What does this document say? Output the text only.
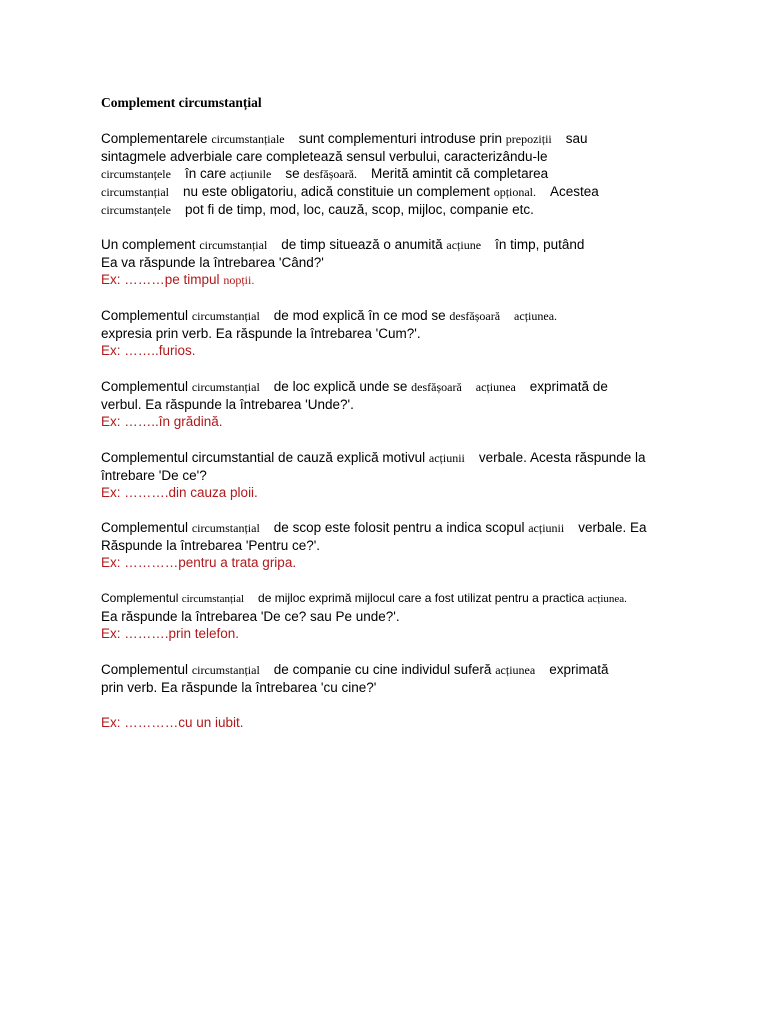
Complement circumstanțial
Complementarele circumstanțiale sunt complementuri introduse prin prepoziții sau
sintagmele adverbiale care completează sensul verbului, caracterizându-le
circumstanțele în care acțiunile se desfășoară. Merită amintit că completarea
circumstanțial nu este obligatoriu, adică constituie un complement opțional. Acestea
circumstanțele pot fi de timp, mod, loc, cauză, scop, mijloc, companie etc.
Un complement circumstanțial de timp situează o anumită acțiune în timp, putând
Ea va răspunde la întrebarea 'Când?'
Ex: ………pe timpul nopții.
Complementul circumstanțial de mod explică în ce mod se desfășoară acțiunea.
expresia prin verb. Ea răspunde la întrebarea 'Cum?'.
Ex: ……..furios.
Complementul circumstanțial de loc explică unde se desfășoară acțiunea exprimată de
verbul. Ea răspunde la întrebarea 'Unde?'.
Ex: ……..în grădină.
Complementul circumstantial de cauză explică motivul acțiunii verbale. Acesta răspunde la
întrebare 'De ce'?
Ex: ……….din cauza ploii.
Complementul circumstanțial de scop este folosit pentru a indica scopul acțiunii verbale. Ea
Răspunde la întrebarea 'Pentru ce?'.
Ex: …………pentru a trata gripa.
Complementul circumstanțial de mijloc exprimă mijlocul care a fost utilizat pentru a practica acțiunea.
Ea răspunde la întrebarea 'De ce? sau Pe unde?'.
Ex: ……….prin telefon.
Complementul circumstanțial de companie cu cine individul suferă acțiunea exprimată
prin verb. Ea răspunde la întrebarea 'cu cine?'
Ex: …………cu un iubit.
